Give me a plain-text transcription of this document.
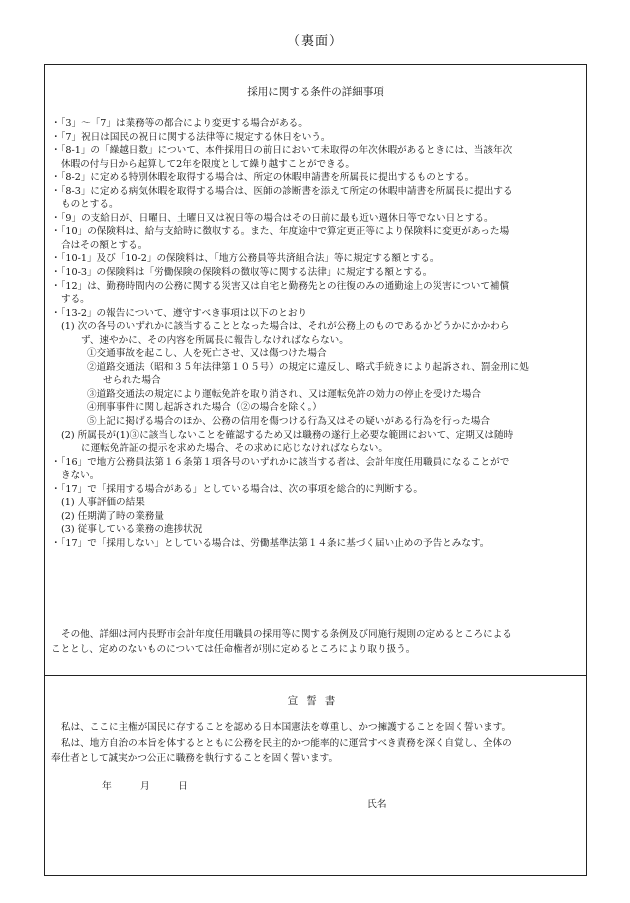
（裏面）
採用に関する条件の詳細事項
・「3」～「7」は業務等の都合により変更する場合がある。
・「7」祝日は国民の祝日に関する法律等に規定する休日をいう。
・「8-1」の「繰越日数」について、本件採用日の前日において未取得の年次休暇があるときには、当該年次
休暇の付与日から起算して2年を限度として繰り越すことができる。
・「8-2」に定める特別休暇を取得する場合は、所定の休暇申請書を所属長に提出するものとする。
・「8-3」に定める病気休暇を取得する場合は、医師の診断書を添えて所定の休暇申請書を所属長に提出する
ものとする。
・「9」の支給日が、日曜日、土曜日又は祝日等の場合はその日前に最も近い週休日等でない日とする。
・「10」の保険料は、給与支給時に徴収する。また、年度途中で算定更正等により保険料に変更があった場
合はその額とする。
・「10-1」及び「10-2」の保険料は、「地方公務員等共済組合法」等に規定する額とする。
・「10-3」の保険料は「労働保険の保険料の徴収等に関する法律」に規定する額とする。
・「12」は、勤務時間内の公務に関する災害又は自宅と勤務先との往復のみの通勤途上の災害について補償
する。
・「13-2」の報告について、遵守すべき事項は以下のとおり
(1) 次の各号のいずれかに該当することとなった場合は、それが公務上のものであるかどうかにかかわら
ず、速やかに、その内容を所属長に報告しなければならない。
①交通事故を起こし、人を死亡させ、又は傷つけた場合
②道路交通法（昭和３５年法律第１０５号）の規定に違反し、略式手続きにより起訴され、罰金刑に処
せられた場合
③道路交通法の規定により運転免許を取り消され、又は運転免許の効力の停止を受けた場合
④刑事事件に関し起訴された場合（②の場合を除く。）
⑤上記に掲げる場合のほか、公務の信用を傷つける行為又はその疑いがある行為を行った場合
(2) 所属長が(1)③に該当しないことを確認するため又は職務の遂行上必要な範囲において、定期又は随時
に運転免許証の提示を求めた場合、その求めに応じなければならない。
・「16」で地方公務員法第１６条第１項各号のいずれかに該当する者は、会計年度任用職員になることがで
きない。
・「17」で「採用する場合がある」としている場合は、次の事項を総合的に判断する。
(1) 人事評価の結果
(2) 任期満了時の業務量
(3) 従事している業務の進捗状況
・「17」で「採用しない」としている場合は、労働基準法第１４条に基づく届い止めの予告とみなす。
その他、詳細は河内長野市会計年度任用職員の採用等に関する条例及び同施行規則の定めるところによる
こととし、定めのないものについては任命権者が別に定めるところにより取り扱う。
宣誓書
私は、ここに主権が国民に存することを認める日本国憲法を尊重し、かつ擁護することを固く誓います。
私は、地方自治の本旨を体するとともに公務を民主的かつ能率的に運営すべき責務を深く自覚し、全体の
奉仕者として誠実かつ公正に職務を執行することを固く誓います。
年	月	日
氏名
